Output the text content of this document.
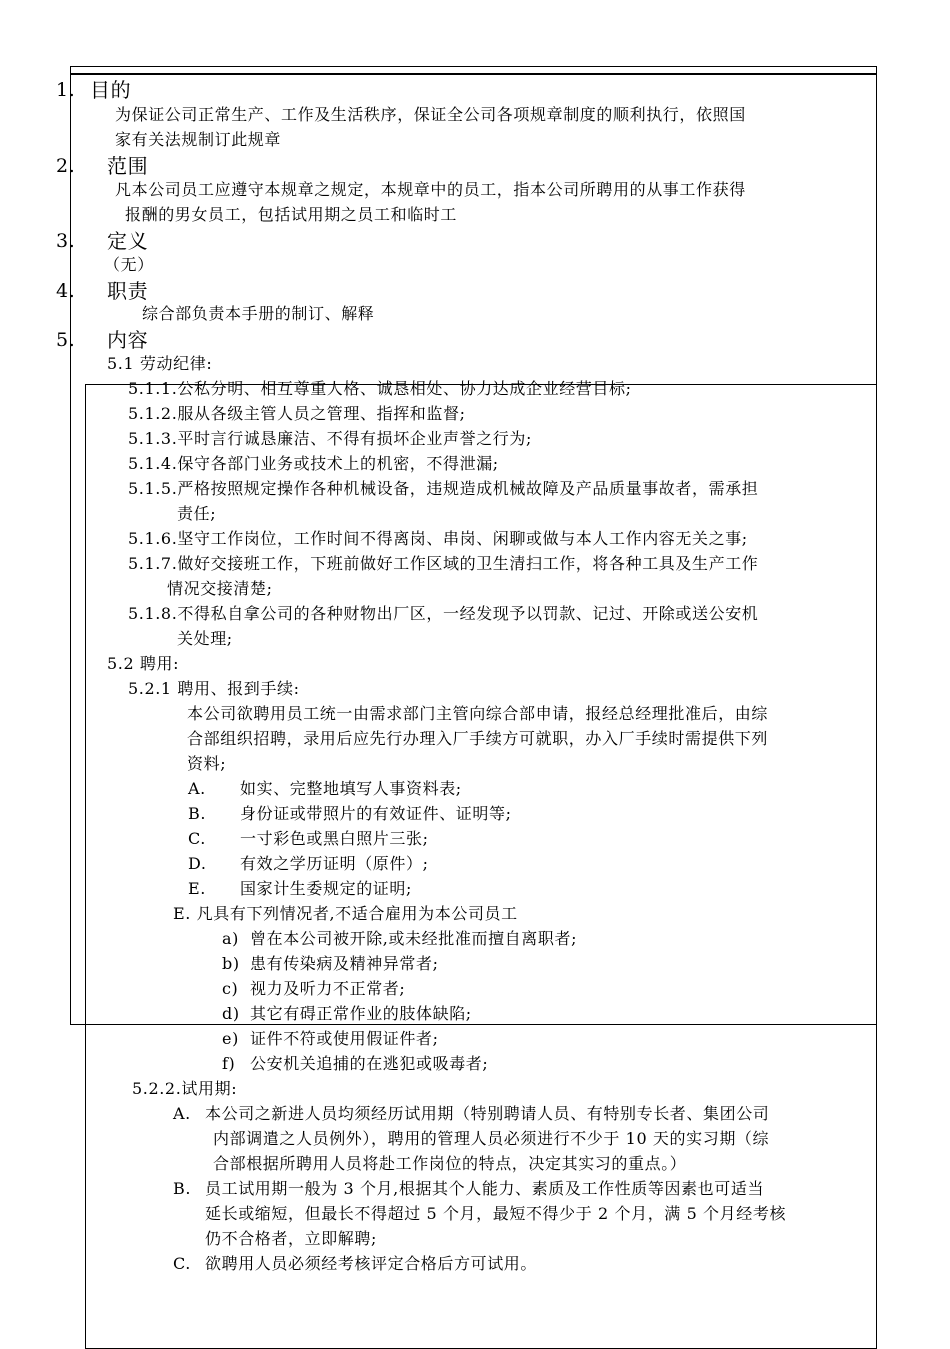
1. 目的
为保证公司正常生产、工作及生活秩序，保证全公司各项规章制度的顺利执行，依照国
家有关法规制订此规章
2. 范围
凡本公司员工应遵守本规章之规定，本规章中的员工，指本公司所聘用的从事工作获得
报酬的男女员工，包括试用期之员工和临时工
3. 定义
（无）
4. 职责
综合部负责本手册的制订、解释
5. 内容
5.1 劳动纪律:
5.1.1.公私分明、相互尊重人格、诚恳相处、协力达成企业经营目标;
5.1.2.服从各级主管人员之管理、指挥和监督;
5.1.3.平时言行诚恳廉洁、不得有损坏企业声誉之行为;
5.1.4.保守各部门业务或技术上的机密，不得泄漏;
5.1.5.严格按照规定操作各种机械设备，违规造成机械故障及产品质量事故者，需承担
责任;
5.1.6.坚守工作岗位，工作时间不得离岗、串岗、闲聊或做与本人工作内容无关之事;
5.1.7.做好交接班工作，下班前做好工作区域的卫生清扫工作，将各种工具及生产工作
情况交接清楚;
5.1.8.不得私自拿公司的各种财物出厂区，一经发现予以罚款、记过、开除或送公安机
关处理;
5.2 聘用:
5.2.1 聘用、报到手续:
本公司欲聘用员工统一由需求部门主管向综合部申请，报经总经理批准后，由综
合部组织招聘，录用后应先行办理入厂手续方可就职，办入厂手续时需提供下列
资料;
A. 如实、完整地填写人事资料表;
B. 身份证或带照片的有效证件、证明等;
C. 一寸彩色或黑白照片三张;
D. 有效之学历证明（原件）;
E. 国家计生委规定的证明;
E. 凡具有下列情况者,不适合雇用为本公司员工
a) 曾在本公司被开除,或未经批准而擅自离职者;
b) 患有传染病及精神异常者;
c) 视力及听力不正常者;
d) 其它有碍正常作业的肢体缺陷;
e) 证件不符或使用假证件者;
f) 公安机关追捕的在逃犯或吸毒者;
5.2.2.试用期:
A. 本公司之新进人员均须经历试用期（特别聘请人员、有特别专长者、集团公司
内部调遣之人员例外），聘用的管理人员必须进行不少于 10 天的实习期（综
合部根据所聘用人员将赴工作岗位的特点，决定其实习的重点。）
B. 员工试用期一般为 3 个月,根据其个人能力、素质及工作性质等因素也可适当
延长或缩短，但最长不得超过 5 个月，最短不得少于 2 个月，满 5 个月经考核
仍不合格者，立即解聘;
C. 欲聘用人员必须经考核评定合格后方可试用。
